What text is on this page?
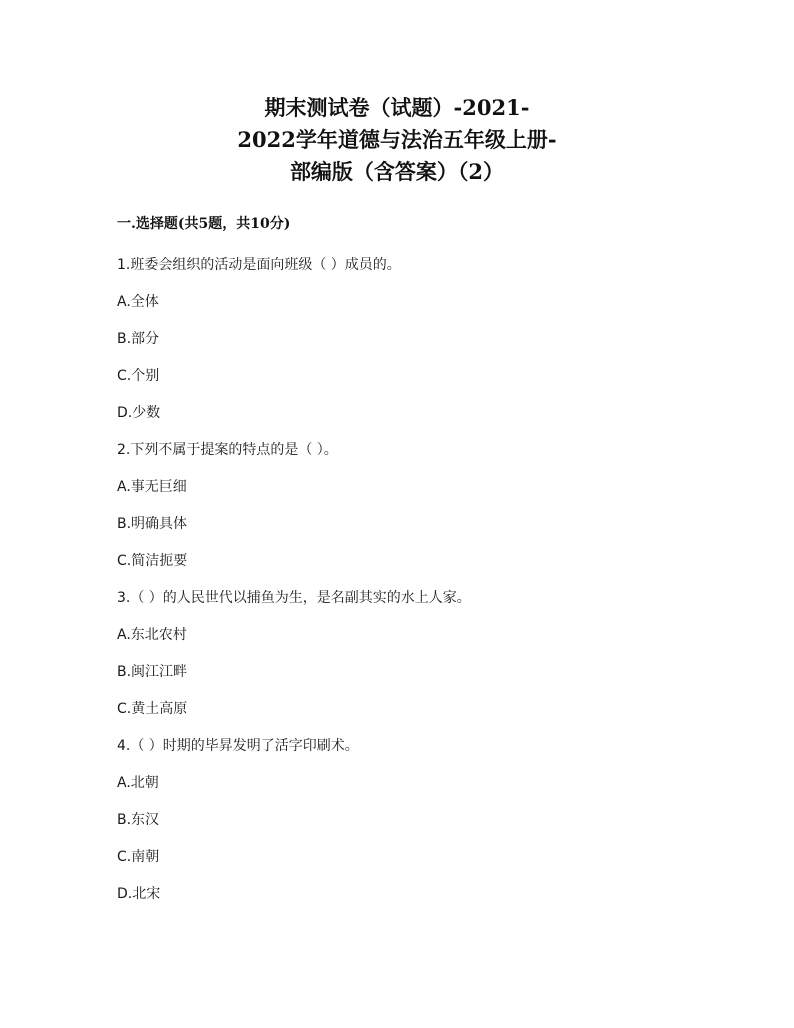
期末测试卷（试题）-2021-
2022学年道德与法治五年级上册-
部编版（含答案）（2）
一.选择题(共5题，共10分)
1.班委会组织的活动是面向班级（ ）成员的。
A.全体
B.部分
C.个别
D.少数
2.下列不属于提案的特点的是（ ）。
A.事无巨细
B.明确具体
C.简洁扼要
3.（ ）的人民世代以捕鱼为生，是名副其实的水上人家。
A.东北农村
B.闽江江畔
C.黄土高原
4.（ ）时期的毕昇发明了活字印刷术。
A.北朝
B.东汉
C.南朝
D.北宋
